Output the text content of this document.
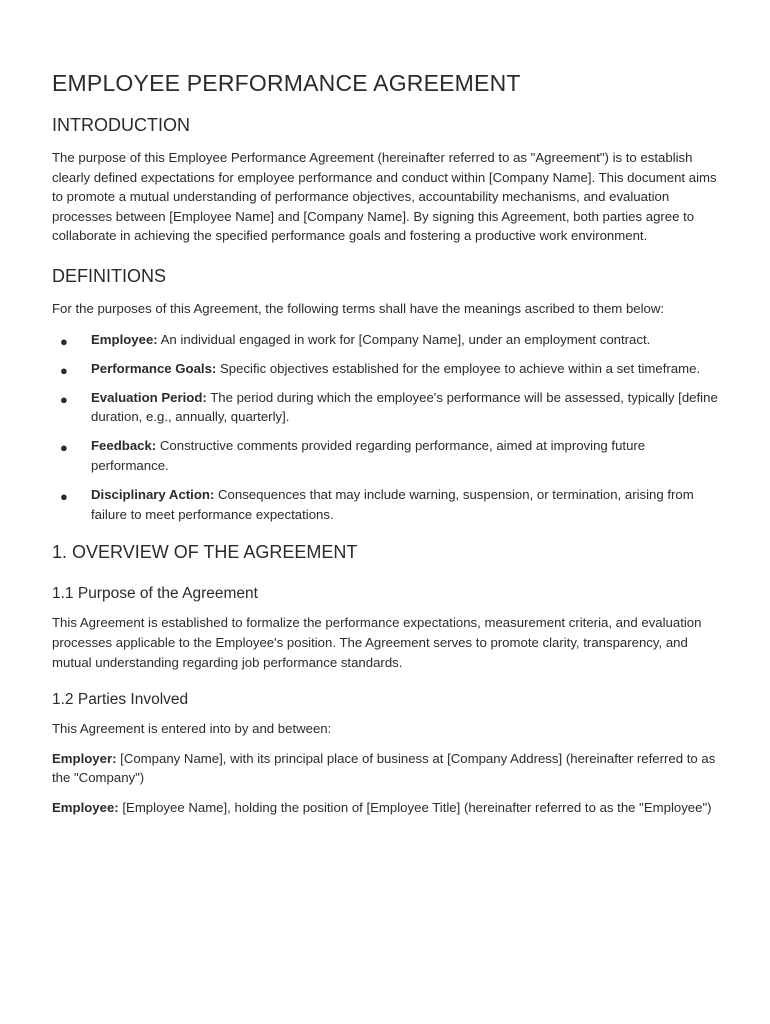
EMPLOYEE PERFORMANCE AGREEMENT
INTRODUCTION

The purpose of this Employee Performance Agreement (hereinafter referred to as "Agreement") is to establish clearly defined expectations for employee performance and conduct within [Company Name]. This document aims to promote a mutual understanding of performance objectives, accountability mechanisms, and evaluation processes between [Employee Name] and [Company Name]. By signing this Agreement, both parties agree to collaborate in achieving the specified performance goals and fostering a productive work environment.

DEFINITIONS

For the purposes of this Agreement, the following terms shall have the meanings ascribed to them below:

● Employee: An individual engaged in work for [Company Name], under an employment contract.
● Performance Goals: Specific objectives established for the employee to achieve within a set timeframe.
● Evaluation Period: The period during which the employee's performance will be assessed, typically [define duration, e.g., annually, quarterly].
● Feedback: Constructive comments provided regarding performance, aimed at improving future performance.
● Disciplinary Action: Consequences that may include warning, suspension, or termination, arising from failure to meet performance expectations.
1. OVERVIEW OF THE AGREEMENT
1.1 Purpose of the Agreement

This Agreement is established to formalize the performance expectations, measurement criteria, and evaluation processes applicable to the Employee's position. The Agreement serves to promote clarity, transparency, and mutual understanding regarding job performance standards.

1.2 Parties Involved

This Agreement is entered into by and between:

Employer: [Company Name], with its principal place of business at [Company Address] (hereinafter referred to as the "Company")

Employee: [Employee Name], holding the position of [Employee Title] (hereinafter referred to as the "Employee")
